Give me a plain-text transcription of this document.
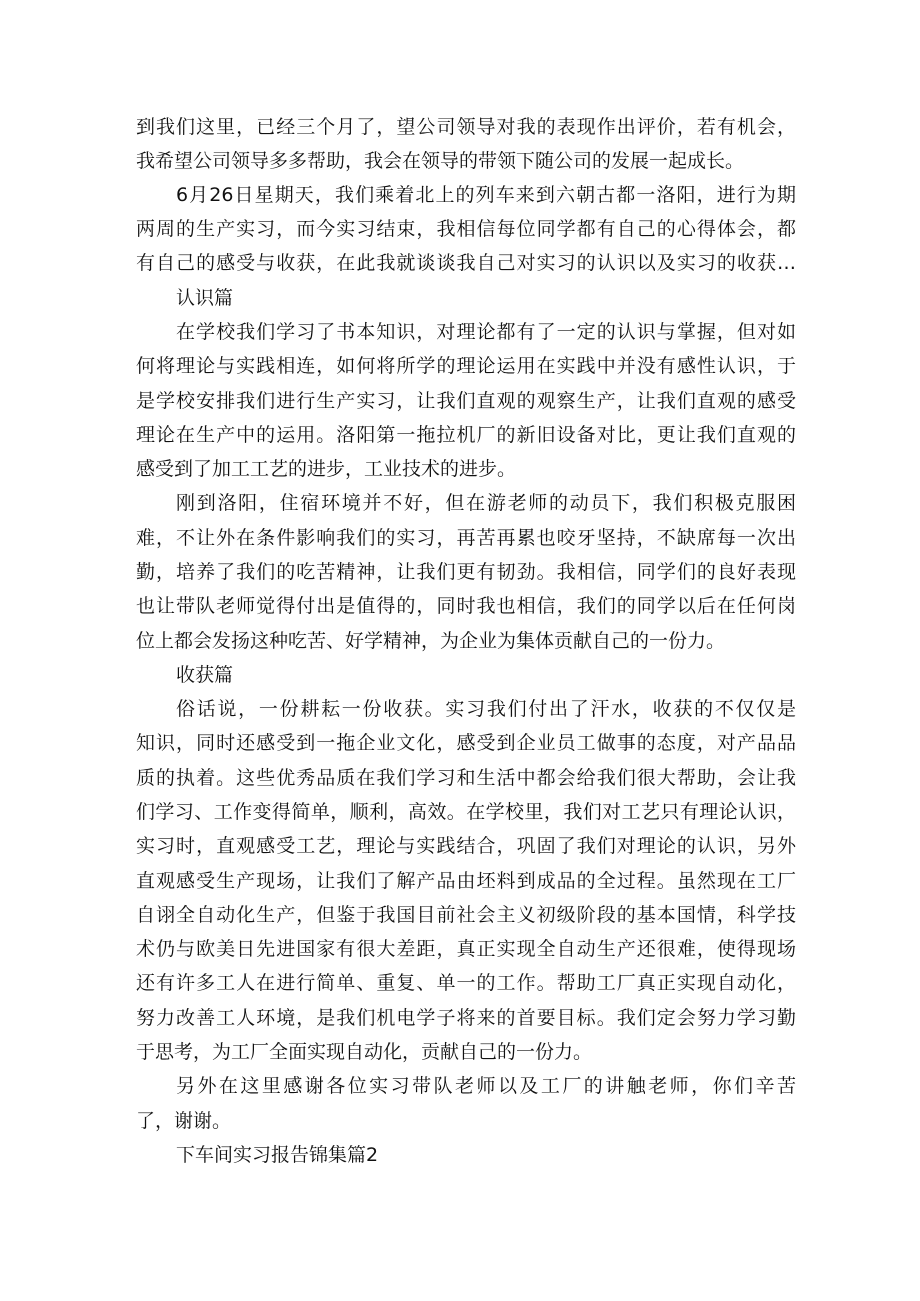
到我们这里，已经三个月了，望公司领导对我的表现作出评价，若有机会，
我希望公司领导多多帮助，我会在领导的带领下随公司的发展一起成长。
6月26日星期天，我们乘着北上的列车来到六朝古都一洛阳，进行为期
两周的生产实习，而今实习结束，我相信每位同学都有自己的心得体会，都
有自己的感受与收获，在此我就谈谈我自己对实习的认识以及实习的收获…
认识篇
在学校我们学习了书本知识，对理论都有了一定的认识与掌握，但对如
何将理论与实践相连，如何将所学的理论运用在实践中并没有感性认识，于
是学校安排我们进行生产实习，让我们直观的观察生产，让我们直观的感受
理论在生产中的运用。洛阳第一拖拉机厂的新旧设备对比，更让我们直观的
感受到了加工工艺的进步，工业技术的进步。
刚到洛阳，住宿环境并不好，但在游老师的动员下，我们积极克服困
难，不让外在条件影响我们的实习，再苦再累也咬牙坚持，不缺席每一次出
勤，培养了我们的吃苦精神，让我们更有韧劲。我相信，同学们的良好表现
也让带队老师觉得付出是值得的，同时我也相信，我们的同学以后在任何岗
位上都会发扬这种吃苦、好学精神，为企业为集体贡献自己的一份力。
收获篇
俗话说，一份耕耘一份收获。实习我们付出了汗水，收获的不仅仅是
知识，同时还感受到一拖企业文化，感受到企业员工做事的态度，对产品品
质的执着。这些优秀品质在我们学习和生活中都会给我们很大帮助，会让我
们学习、工作变得简单，顺利，高效。在学校里，我们对工艺只有理论认识，
实习时，直观感受工艺，理论与实践结合，巩固了我们对理论的认识，另外
直观感受生产现场，让我们了解产品由坯料到成品的全过程。虽然现在工厂
自诩全自动化生产，但鉴于我国目前社会主义初级阶段的基本国情，科学技
术仍与欧美日先进国家有很大差距，真正实现全自动生产还很难，使得现场
还有许多工人在进行简单、重复、单一的工作。帮助工厂真正实现自动化，
努力改善工人环境，是我们机电学子将来的首要目标。我们定会努力学习勤
于思考，为工厂全面实现自动化，贡献自己的一份力。
另外在这里感谢各位实习带队老师以及工厂的讲触老师，你们辛苦
了，谢谢。
下车间实习报告锦集篇2
